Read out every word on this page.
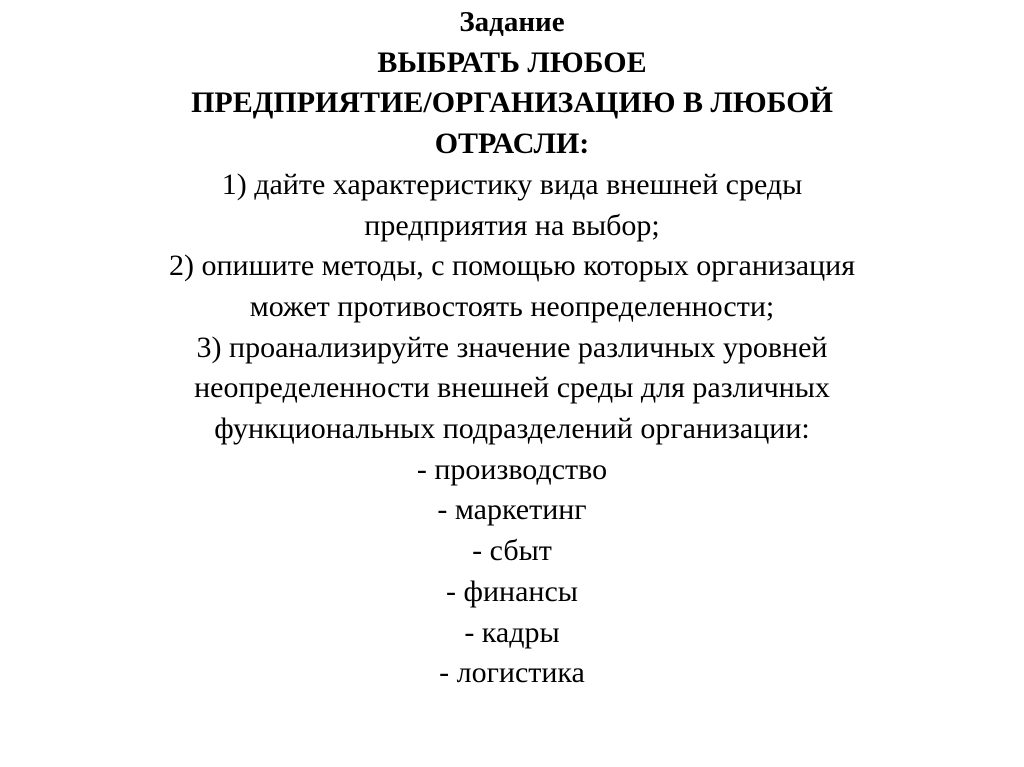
Задание
ВЫБРАТЬ ЛЮБОЕ
ПРЕДПРИЯТИЕ/ОРГАНИЗАЦИЮ В ЛЮБОЙ
ОТРАСЛИ:
1) дайте характеристику вида внешней среды
предприятия на выбор;
2) опишите методы, с помощью которых организация
может противостоять неопределенности;
3) проанализируйте значение различных уровней
неопределенности внешней среды для различных
функциональных подразделений организации:
- производство
- маркетинг
- сбыт
- финансы
- кадры
- логистика
